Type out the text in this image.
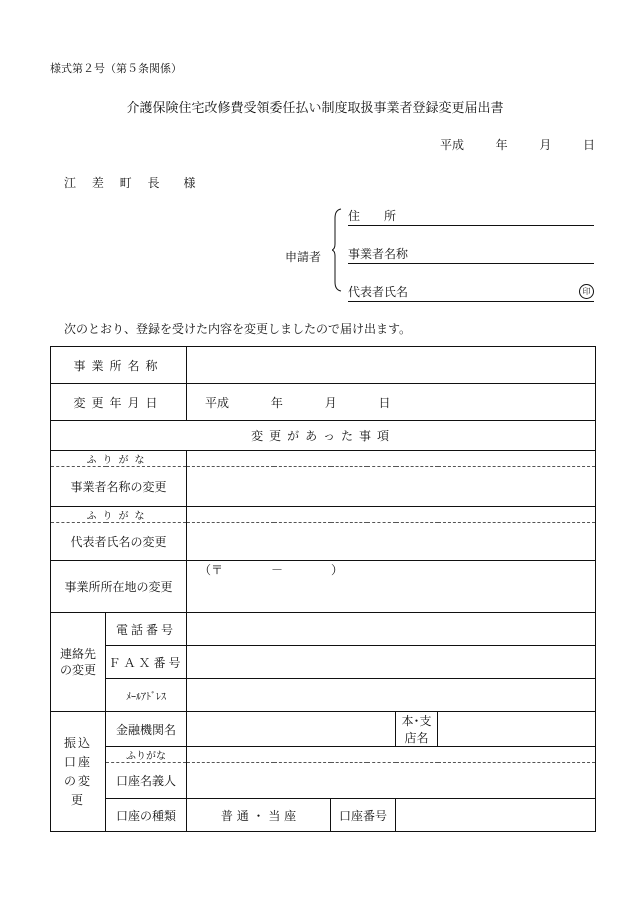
様式第２号（第５条関係）
介護保険住宅改修費受領委任払い制度取扱事業者登録変更届出書
平成	年	月	日
江 差 町 長　様
申請者
住　　所
事業者名称
代表者氏名	印
次のとおり、登録を受けた内容を変更しましたので届け出ます。
事業所名称					
変更年月日		平成 年 月 日			
変更があった事項					
ふりがな					
事業者名称の変更					
ふりがな					
代表者氏名の変更					
事業所所在地の変更		（〒　　　　－　　　　）			
連絡先の変更	電話番号				
	ＦＡＸ番号				
	ﾒｰﾙｱﾄﾞﾚｽ				
振込口座の変更	金融機関名			本･支店名	
	ふりがな				
	口座名義人				
	口座の種類	普 通 ・ 当 座	口座番号		
